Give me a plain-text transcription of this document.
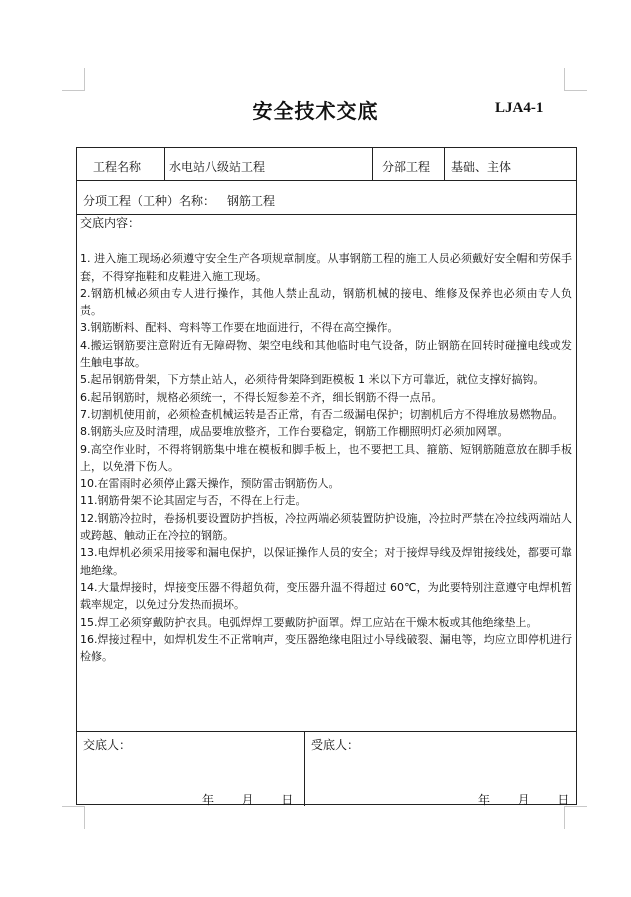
安全技术交底	LJA4-1
工程名称 水电站八级站工程	分部工程 基础、主体
分项工程（工种）名称： 钢筋工程
交底内容：

1. 进入施工现场必须遵守安全生产各项规章制度。从事钢筋工程的施工人员必须戴好安全帽和劳保手套，不得穿拖鞋和皮鞋进入施工现场。

2.钢筋机械必须由专人进行操作，其他人禁止乱动，钢筋机械的接电、维修及保养也必须由专人负责。

3.钢筋断料、配料、弯料等工作要在地面进行，不得在高空操作。

4.搬运钢筋要注意附近有无障碍物、架空电线和其他临时电气设备，防止钢筋在回转时碰撞电线或发生触电事故。

5.起吊钢筋骨架，下方禁止站人，必须待骨架降到距模板 1 米以下方可靠近，就位支撑好搞钩。

6.起吊钢筋时，规格必须统一，不得长短参差不齐，细长钢筋不得一点吊。

7.切割机使用前，必须检查机械运转是否正常，有否二级漏电保护；切割机后方不得堆放易燃物品。

8.钢筋头应及时清理，成品要堆放整齐，工作台要稳定，钢筋工作棚照明灯必须加网罩。

9.高空作业时，不得将钢筋集中堆在模板和脚手板上，也不要把工具、箍筋、短钢筋随意放在脚手板上，以免滑下伤人。

10.在雷雨时必须停止露天操作，预防雷击钢筋伤人。

11.钢筋骨架不论其固定与否，不得在上行走。

12.钢筋冷拉时，卷扬机要设置防护挡板，冷拉两端必须装置防护设施，冷拉时严禁在冷拉线两端站人或跨越、触动正在冷拉的钢筋。

13.电焊机必须采用接零和漏电保护，以保证操作人员的安全；对于接焊导线及焊钳接线处，都要可靠地绝缘。

14.大量焊接时，焊接变压器不得超负荷，变压器升温不得超过 60℃，为此要特别注意遵守电焊机暂载率规定，以免过分发热而损坏。

15.焊工必须穿戴防护衣具。电弧焊焊工要戴防护面罩。焊工应站在干燥木板或其他绝缘垫上。

16.焊接过程中，如焊机发生不正常响声，变压器绝缘电阻过小导线破裂、漏电等，均应立即停机进行检修。

交底人：	受底人：
年 月 日	年 月 日
